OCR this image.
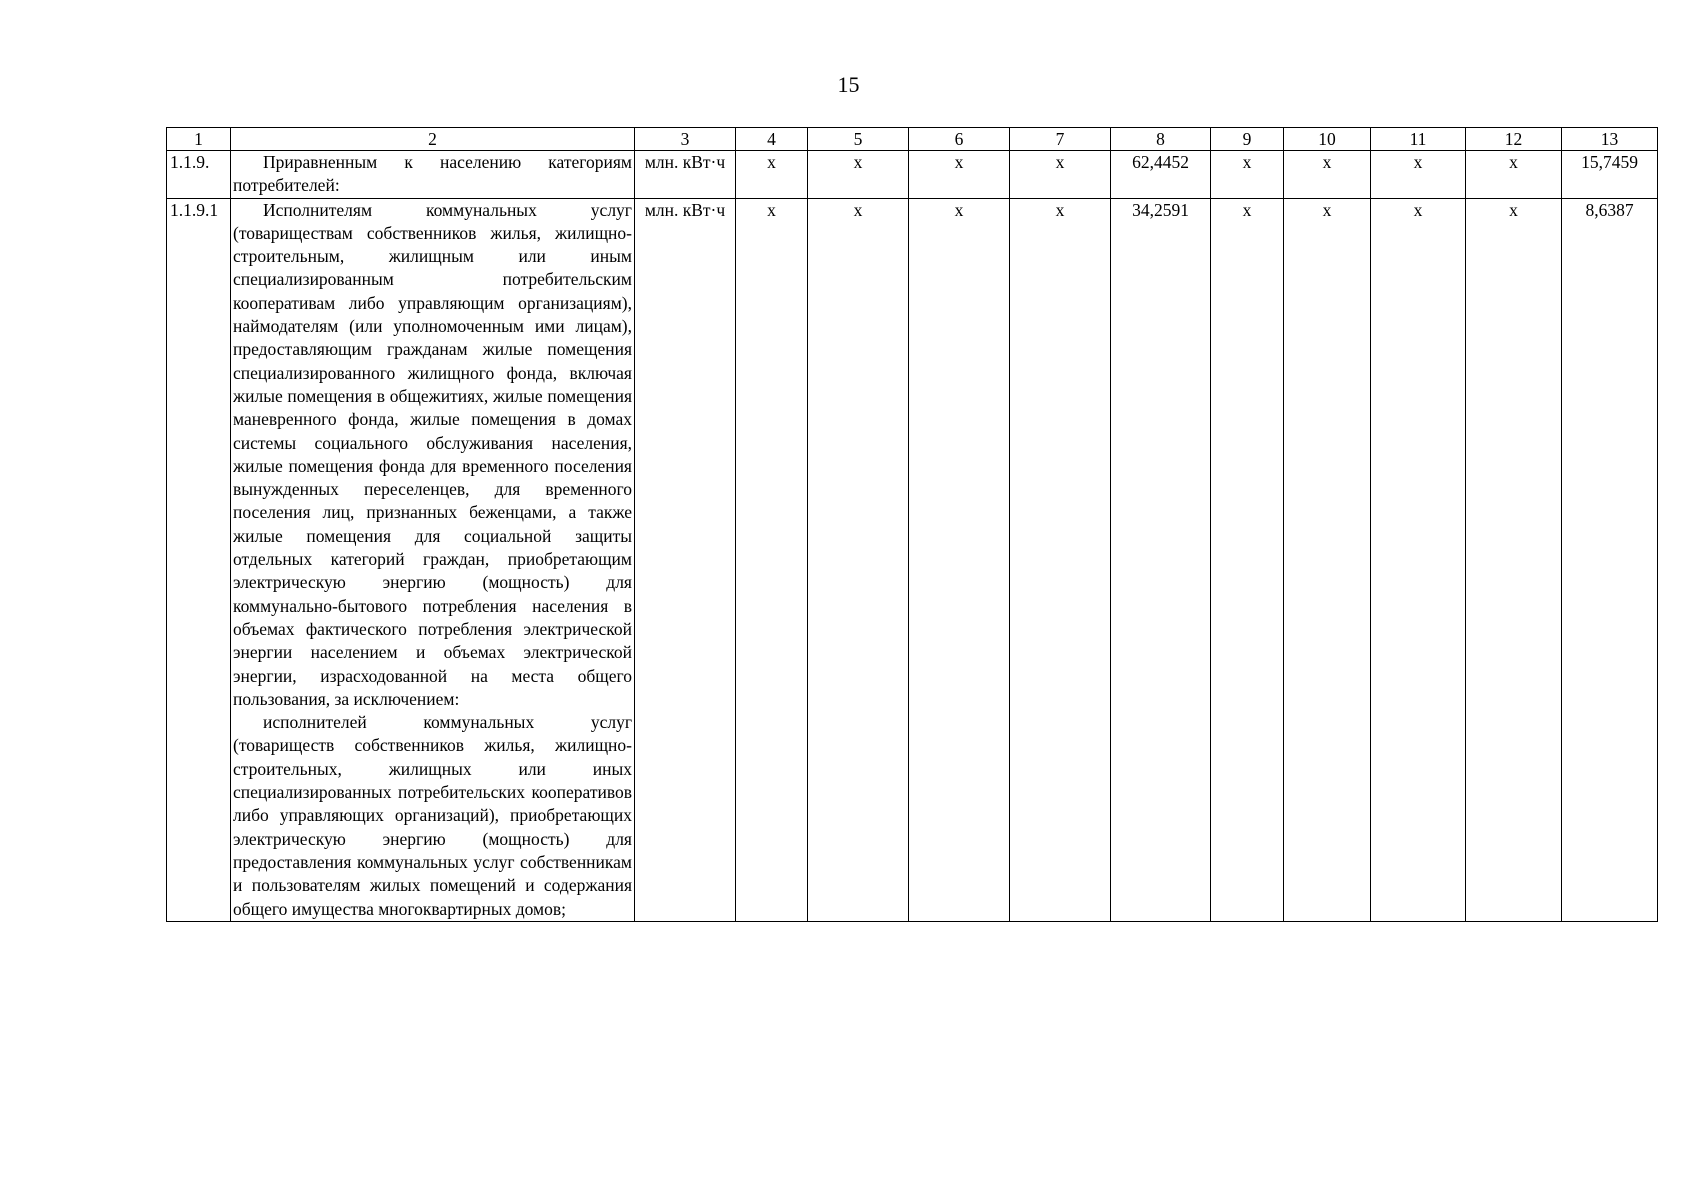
15
1	2	3	4	5	6	7	8	9	10	11	12	13
1.1.9.	Приравненным к населению категориям потребителей:	млн. кВт·ч	х	х	х	х	62,4452	х	х	х	х	15,7459
1.1.9.1	Исполнителям коммунальных услуг (товариществам собственников жилья, жилищно-строительным, жилищным или иным специализированным потребительским кооперативам либо управляющим организациям), наймодателям (или уполномоченным ими лицам), предоставляющим гражданам жилые помещения специализированного жилищного фонда, включая жилые помещения в общежитиях, жилые помещения маневренного фонда, жилые помещения в домах системы социального обслуживания населения, жилые помещения фонда для временного поселения вынужденных переселенцев, для временного поселения лиц, признанных беженцами, а также жилые помещения для социальной защиты отдельных категорий граждан, приобретающим электрическую энергию (мощность) для коммунально-бытового потребления населения в объемах фактического потребления электрической энергии населением и объемах электрической энергии, израсходованной на места общего пользования, за исключением:
исполнителей коммунальных услуг (товариществ собственников жилья, жилищно-строительных, жилищных или иных специализированных потребительских кооперативов либо управляющих организаций), приобретающих электрическую энергию (мощность) для предоставления коммунальных услуг собственникам и пользователям жилых помещений и содержания общего имущества многоквартирных домов;	млн. кВт·ч	х	х	х	х	34,2591	х	х	х	х	8,6387
